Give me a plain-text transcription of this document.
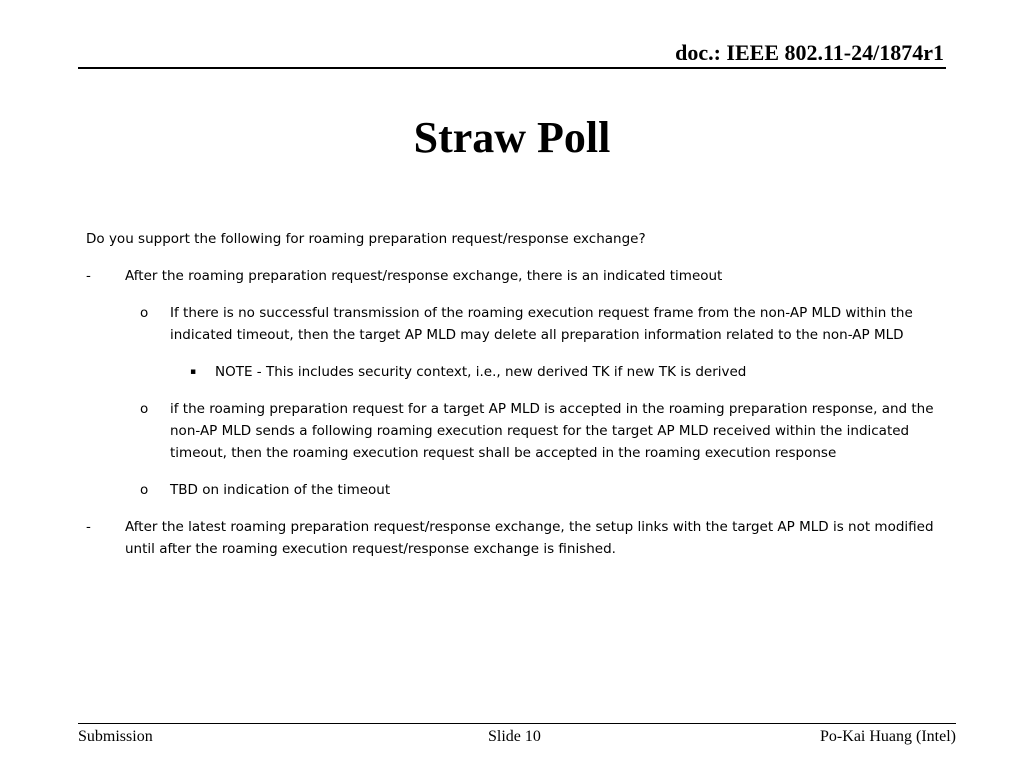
doc.: IEEE 802.11-24/1874r1
Straw Poll

Do you support the following for roaming preparation request/response exchange?

-	After the roaming preparation request/response exchange, there is an indicated timeout
o	If there is no successful transmission of the roaming execution request frame from the non-AP MLD within the indicated timeout, then the target AP MLD may delete all preparation information related to the non-AP MLD
▪	NOTE - This includes security context, i.e., new derived TK if new TK is derived
o	if the roaming preparation request for a target AP MLD is accepted in the roaming preparation response, and the non-AP MLD sends a following roaming execution request for the target AP MLD received within the indicated timeout, then the roaming execution request shall be accepted in the roaming execution response
o	TBD on indication of the timeout
-	After the latest roaming preparation request/response exchange, the setup links with the target AP MLD is not modified until after the roaming execution request/response exchange is finished.
Submission	Slide 10	Po-Kai Huang (Intel)
